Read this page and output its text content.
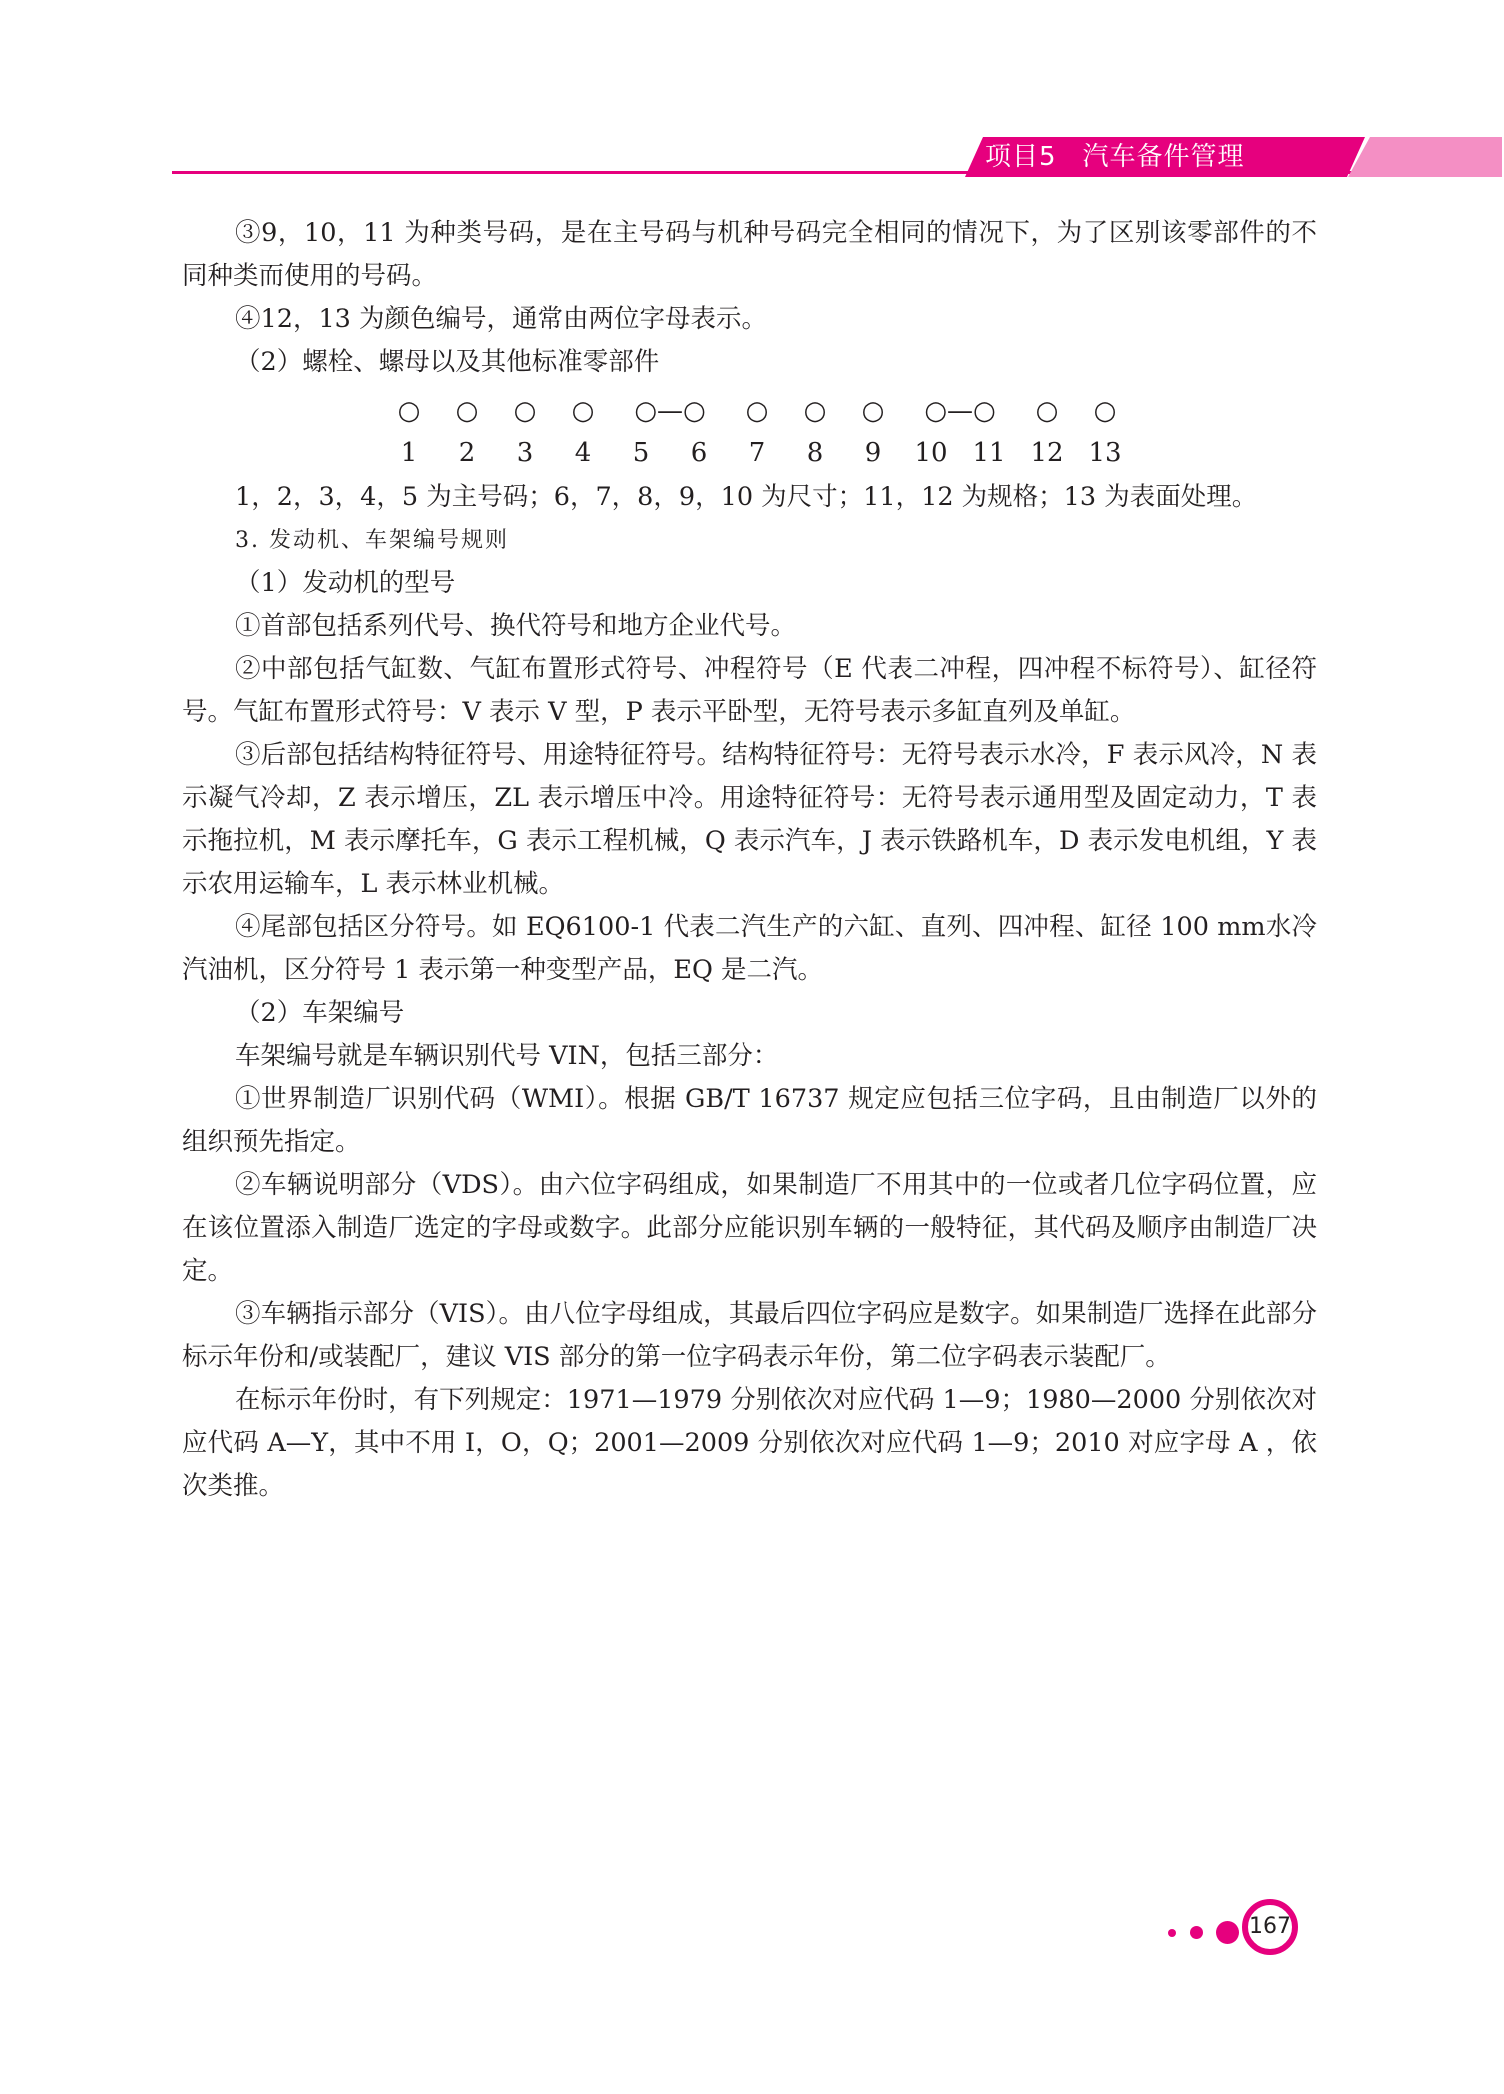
项目5 汽车备件管理

③9，10，11 为种类号码，是在主号码与机种号码完全相同的情况下，为了区别该零部件的不同种类而使用的号码。

④12，13 为颜色编号，通常由两位字母表示。

（2）螺栓、螺母以及其他标准零部件

1，2，3，4，5 为主号码；6，7，8，9，10 为尺寸；11，12 为规格；13 为表面处理。

3. 发动机、车架编号规则

（1）发动机的型号

①首部包括系列代号、换代符号和地方企业代号。

②中部包括气缸数、气缸布置形式符号、冲程符号（E 代表二冲程，四冲程不标符号）、缸径符号。气缸布置形式符号：V 表示 V 型，P 表示平卧型，无符号表示多缸直列及单缸。

③后部包括结构特征符号、用途特征符号。结构特征符号：无符号表示水冷，F 表示风冷，N 表示凝气冷却，Z 表示增压，ZL 表示增压中冷。用途特征符号：无符号表示通用型及固定动力，T 表示拖拉机，M 表示摩托车，G 表示工程机械，Q 表示汽车，J 表示铁路机车，D 表示发电机组，Y 表示农用运输车，L 表示林业机械。

④尾部包括区分符号。如 EQ6100-1 代表二汽生产的六缸、直列、四冲程、缸径 100 mm水冷汽油机，区分符号 1 表示第一种变型产品，EQ 是二汽。

（2）车架编号

车架编号就是车辆识别代号 VIN，包括三部分：

①世界制造厂识别代码（WMI）。根据 GB/T 16737 规定应包括三位字码，且由制造厂以外的组织预先指定。

②车辆说明部分（VDS）。由六位字码组成，如果制造厂不用其中的一位或者几位字码位置，应在该位置添入制造厂选定的字母或数字。此部分应能识别车辆的一般特征，其代码及顺序由制造厂决定。

③车辆指示部分（VIS）。由八位字母组成，其最后四位字码应是数字。如果制造厂选择在此部分标示年份和/或装配厂，建议 VIS 部分的第一位字码表示年份，第二位字码表示装配厂。

在标示年份时，有下列规定：1971—1979 分别依次对应代码 1—9；1980—2000 分别依次对应代码 A—Y，其中不用 I，O，Q；2001—2009 分别依次对应代码 1—9；2010 对应字母 A ，依次类推。

○	○	○	○	○—○	○	○	○	○—○	○	○
1	2	3	4	5	6	7	8	9	10 11 12 13
167
